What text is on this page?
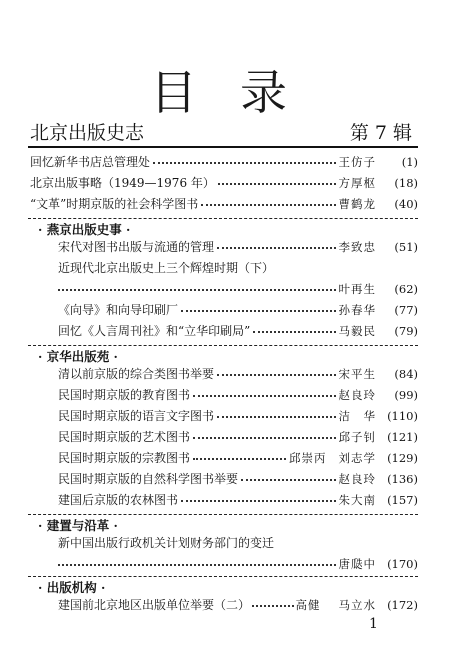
目 录
北京出版史志	第 7 辑
回忆新华书店总管理处	王仿子	(1)
北京出版事略（1949—1976 年）	方厚枢	(18)
“文革”时期京版的社会科学图书	曹鹤龙	(40)
· 燕京出版史事 ·
宋代对图书出版与流通的管理	李致忠	(51)
近现代北京出版史上三个辉煌时期（下）
叶再生	(62)
《向导》和向导印刷厂	孙春华	(77)
回忆《人言周刊社》和“立华印刷局”	马毅民	(79)
· 京华出版苑 ·
清以前京版的综合类图书举要	宋平生	(84)
民国时期京版的教育图书	赵良玲	(99)
民国时期京版的语言文字图书	洁　华 (110)
民国时期京版的艺术图书	邱子钊 (121)
民国时期京版的宗教图书	邱崇丙 刘志学 (129)
民国时期京版的自然科学图书举要	赵良玲 (136)
建国后京版的农林图书	朱大南 (157)
· 建置与沿革 ·
新中国出版行政机关计划财务部门的变迁
唐瓞中 (170)
· 出版机构 ·
建国前北京地区出版单位举要（二）	高健 马立水 (172)
1
